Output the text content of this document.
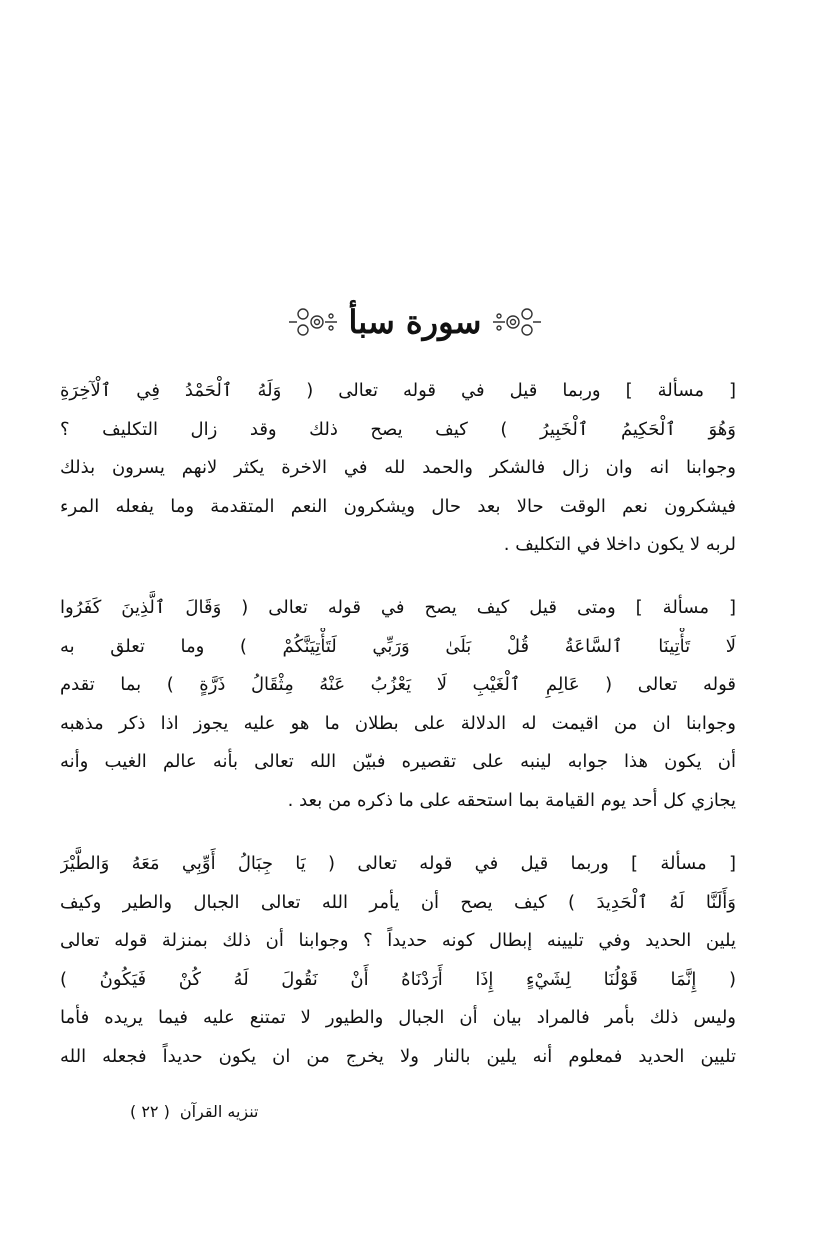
سورة سبأ
[ مسألة ] وربما قيل في قوله تعالى ( وَلَهُ ٱلْحَمْدُ فِي ٱلْآخِرَةِ
وَهُوَ ٱلْحَكِيمُ ٱلْخَبِيرُ ) كيف يصح ذلك وقد زال التكليف ؟
وجوابنا انه وان زال فالشكر والحمد لله في الاخرة يكثر لانهم يسرون بذلك
فيشكرون نعم الوقت حالا بعد حال ويشكرون النعم المتقدمة وما يفعله المرء
لربه لا يكون داخلا في التكليف .
[ مسألة ] ومتى قيل كيف يصح في قوله تعالى ( وَقَالَ ٱلَّذِينَ كَفَرُوا
لَا تَأْتِينَا ٱلسَّاعَةُ قُلْ بَلَىٰ وَرَبِّي لَتَأْتِيَنَّكُمْ ) وما تعلق به
قوله تعالى ( عَالِمِ ٱلْغَيْبِ لَا يَعْزُبُ عَنْهُ مِثْقَالُ ذَرَّةٍ ) بما تقدم
وجوابنا ان من اقيمت له الدلالة على بطلان ما هو عليه يجوز اذا ذكر مذهبه
أن يكون هذا جوابه لينبه على تقصيره فبيّن الله تعالى بأنه عالم الغيب وأنه
يجازي كل أحد يوم القيامة بما استحقه على ما ذكره من بعد .
[ مسألة ] وربما قيل في قوله تعالى ( يَا جِبَالُ أَوِّبِي مَعَهُ وَالطَّيْرَ
وَأَلَنَّا لَهُ ٱلْحَدِيدَ ) كيف يصح أن يأمر الله تعالى الجبال والطير وكيف
يلين الحديد وفي تليينه إبطال كونه حديداً ؟ وجوابنا أن ذلك بمنزلة قوله تعالى
( إِنَّمَا قَوْلُنَا لِشَيْءٍ إِذَا أَرَدْنَاهُ أَنْ نَقُولَ لَهُ كُنْ فَيَكُونُ )
وليس ذلك بأمر فالمراد بيان أن الجبال والطيور لا تمتنع عليه فيما يريده فأما
تليين الحديد فمعلوم أنه يلين بالنار ولا يخرج من ان يكون حديداً فجعله الله
تنزيه القرآن
( ٢٢ )
